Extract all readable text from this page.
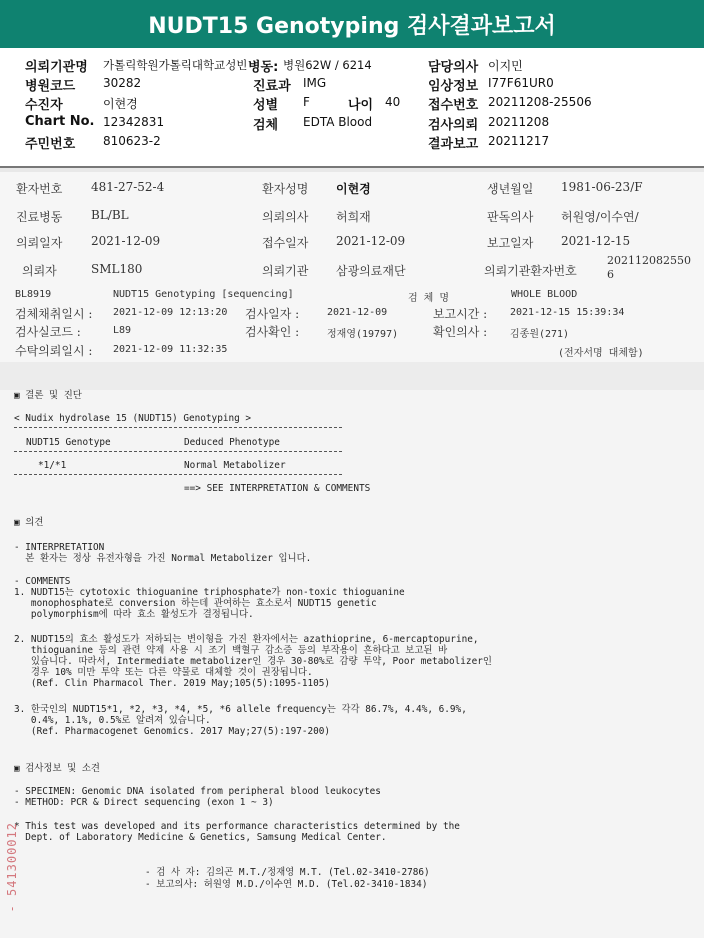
NUDT15 Genotyping 검사결과보고서
의뢰기관명 가톨릭학원가톨릭대학교성빈 병동: 병원62W / 6214	담당의사 이지민
병원코드 30282	진료과 IMG	임상정보 I77F61UR0
수진자	이현경	성별 F	나이 40 접수번호 20211208-25506
Chart No. 12342831	검체 EDTA Blood	검사의뢰 20211208
주민번호 810623-2	결과보고 20211217
환자번호 481-27-52-4	환자성명 이현경	생년월일 1981-06-23/F
진료병동 BL/BL	의뢰의사 허희재	판독의사 허원영/이수연/
의뢰일자 2021-12-09	접수일자 2021-12-09	보고일자 2021-12-15
의뢰자	SML180	의뢰기관 삼광의료재단	의뢰기관환자번호
202112082550
6
BL8919	NUDT15 Genotyping [sequencing]	검 체 명	WHOLE BLOOD
검체채취일시 : 2021-12-09 12:13:20 검사일자 :	2021-12-09	보고시간 : 2021-12-15 15:39:34
검사실코드 :	L89	검사확인 :	정재영(19797)	확인의사 : 김종원(271)
수탁의뢰일시 : 2021-12-09 11:32:35	(전자서명 대체함)
▣ 결론 및 진단
< Nudix hydrolase 15 (NUDT15) Genotyping >
NUDT15 Genotype	Deduced Phenotype
*1/*1	Normal Metabolizer
==> SEE INTERPRETATION & COMMENTS
▣ 의견
- INTERPRETATION
본 환자는 정상 유전자형을 가진 Normal Metabolizer 입니다.
- COMMENTS
1. NUDT15는 cytotoxic thioguanine triphosphate가 non-toxic thioguanine
monophosphate로 conversion 하는데 관여하는 효소로서 NUDT15 genetic
polymorphism에 따라 효소 활성도가 결정됩니다.
2. NUDT15의 효소 활성도가 저하되는 변이형을 가진 환자에서는 azathioprine, 6-mercaptopurine,
thioguanine 등의 관련 약제 사용 시 조기 백혈구 감소증 등의 부작용이 흔하다고 보고된 바
있습니다. 따라서, Intermediate metabolizer인 경우 30-80%로 감량 투약, Poor metabolizer인
경우 10% 미만 투약 또는 다른 약물로 대체할 것이 권장됩니다.
(Ref. Clin Pharmacol Ther. 2019 May;105(5):1095-1105)
3. 한국인의 NUDT15*1, *2, *3, *4, *5, *6 allele frequency는 각각 86.7%, 4.4%, 6.9%,
0.4%, 1.1%, 0.5%로 알려져 있습니다.
(Ref. Pharmacogenet Genomics. 2017 May;27(5):197-200)
▣ 검사정보 및 소견
- SPECIMEN: Genomic DNA isolated from peripheral blood leukocytes
- METHOD: PCR & Direct sequencing (exon 1 ~ 3)
* This test was developed and its performance characteristics determined by the
Dept. of Laboratory Medicine & Genetics, Samsung Medical Center.
- 검 사 자: 김의곤 M.T./정재영 M.T. (Tel.02-3410-2786)
- 보고의사: 허원영 M.D./이수연 M.D. (Tel.02-3410-1834)
- 541300012
